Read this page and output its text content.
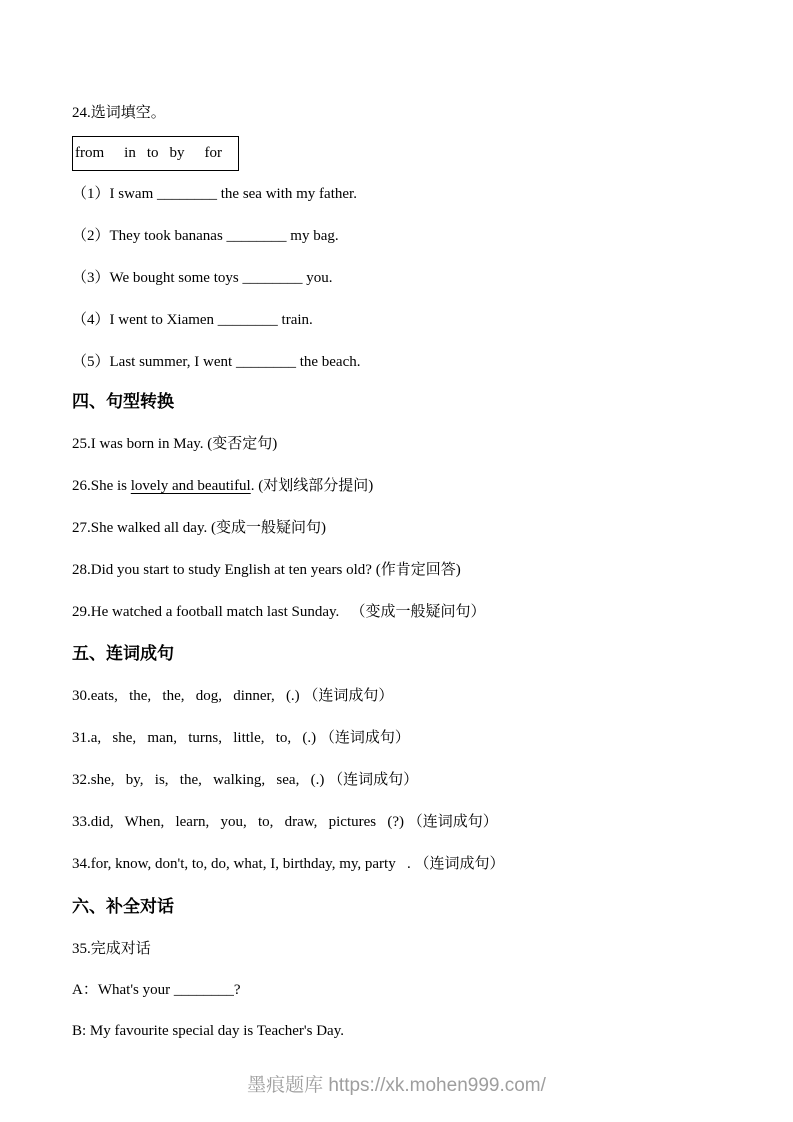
24.选词填空。

from in to by for

（1）I swam ________ the sea with my father.

（2）They took bananas ________ my bag.

（3）We bought some toys ________ you.

（4）I went to Xiamen ________ train.

（5）Last summer, I went ________ the beach.

四、句型转换

25.I was born in May. (变否定句)

26.She is lovely and beautiful. (对划线部分提问)

27.She walked all day. (变成一般疑问句)

28.Did you start to study English at ten years old? (作肯定回答)

29.He watched a football match last Sunday.   （变成一般疑问句）

五、连词成句

30.eats,   the,   the,   dog,   dinner,   (.) （连词成句）

31.a,   she,   man,   turns,   little,   to,   (.) （连词成句）

32.she,   by,   is,   the,   walking,   sea,   (.) （连词成句）

33.did,   When,   learn,   you,   to,   draw,   pictures   (?) （连词成句）

34.for, know, don't, to, do, what, I, birthday, my, party   . （连词成句）

六、补全对话

35.完成对话

A：What's your ________?

B: My favourite special day is Teacher's Day.

墨痕题库 https://xk.mohen999.com/
